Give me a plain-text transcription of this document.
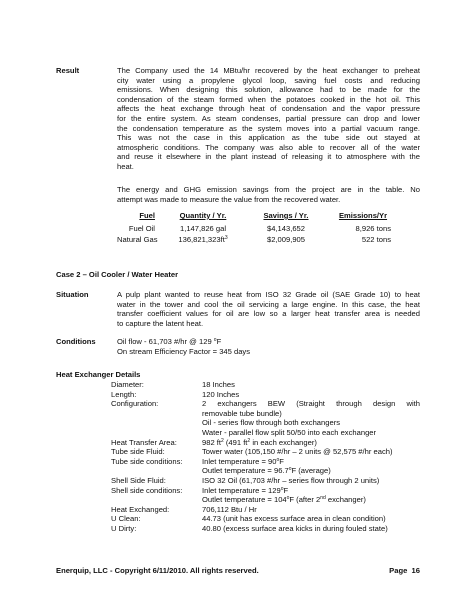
Result	The Company used the 14 MBtu/hr recovered by the heat exchanger to preheat
city water using a propylene glycol loop, saving fuel costs and reducing
emissions. When designing this solution, allowance had to be made for the
condensation of the steam formed when the potatoes cooked in the hot oil. This
affects the heat exchange through heat of condensation and the vapor pressure
for the entire system. As steam condenses, partial pressure can drop and lower
the condensation temperature as the system moves into a partial vacuum range.
This was not the case in this application as the tube side out stayed at
atmospheric conditions. The company was also able to recover all of the water
and reuse it elsewhere in the plant instead of releasing it to atmosphere with the
heat.
The energy and GHG emission savings from the project are in the table. No
attempt was made to measure the value from the recovered water.
Fuel	Quantity / Yr.	Savings / Yr.	Emissions/Yr
Fuel Oil	1,147,826 gal	$4,143,652	8,926 tons
Natural Gas	$136,821,323ft^3$	$2,009,905	522 tons
Case 2 – Oil Cooler / Water Heater
Situation	A pulp plant wanted to reuse heat from ISO 32 Grade oil (SAE Grade 10) to heat
water in the tower and cool the oil servicing a large engine. In this case, the heat
transfer coefficient values for oil are low so a larger heat transfer area is needed
to capture the latent heat.
Conditions	Oil flow - 61,703 #/hr @ 129 $^o$F
On stream Efficiency Factor = 345 days
Heat Exchanger Details
Diameter:	18 Inches
Length:	120 Inches
Configuration:	2 exchangers BEW (Straight through design with
removable tube bundle)
Oil - series flow through both exchangers
Water - parallel flow split 50/50 into each exchanger
Heat Transfer Area:	982 $ft^2$ (491 $ft^2$ in each exchanger)
Tube side Fluid:	Tower water (105,150 #/hr – 2 units @ 52,575 #/hr each)
Tube side conditions:	Inlet temperature = $90^oF$
Outlet temperature = $96.7^oF$ (average)
Shell Side Fluid:	ISO 32 Oil (61,703 #/hr – series flow through 2 units)
Shell side conditions:	Inlet temperature = $129^oF$
Outlet temperature = $104^oF$ (after 2nd exchanger)
Heat Exchanged:	706,112 Btu / Hr
U Clean:	44.73 (unit has excess surface area in clean condition)
U Dirty:	40.80 (excess surface area kicks in during fouled state)
Enerquip, LLC - Copyright 6/11/2010. All rights reserved.	Page  16
